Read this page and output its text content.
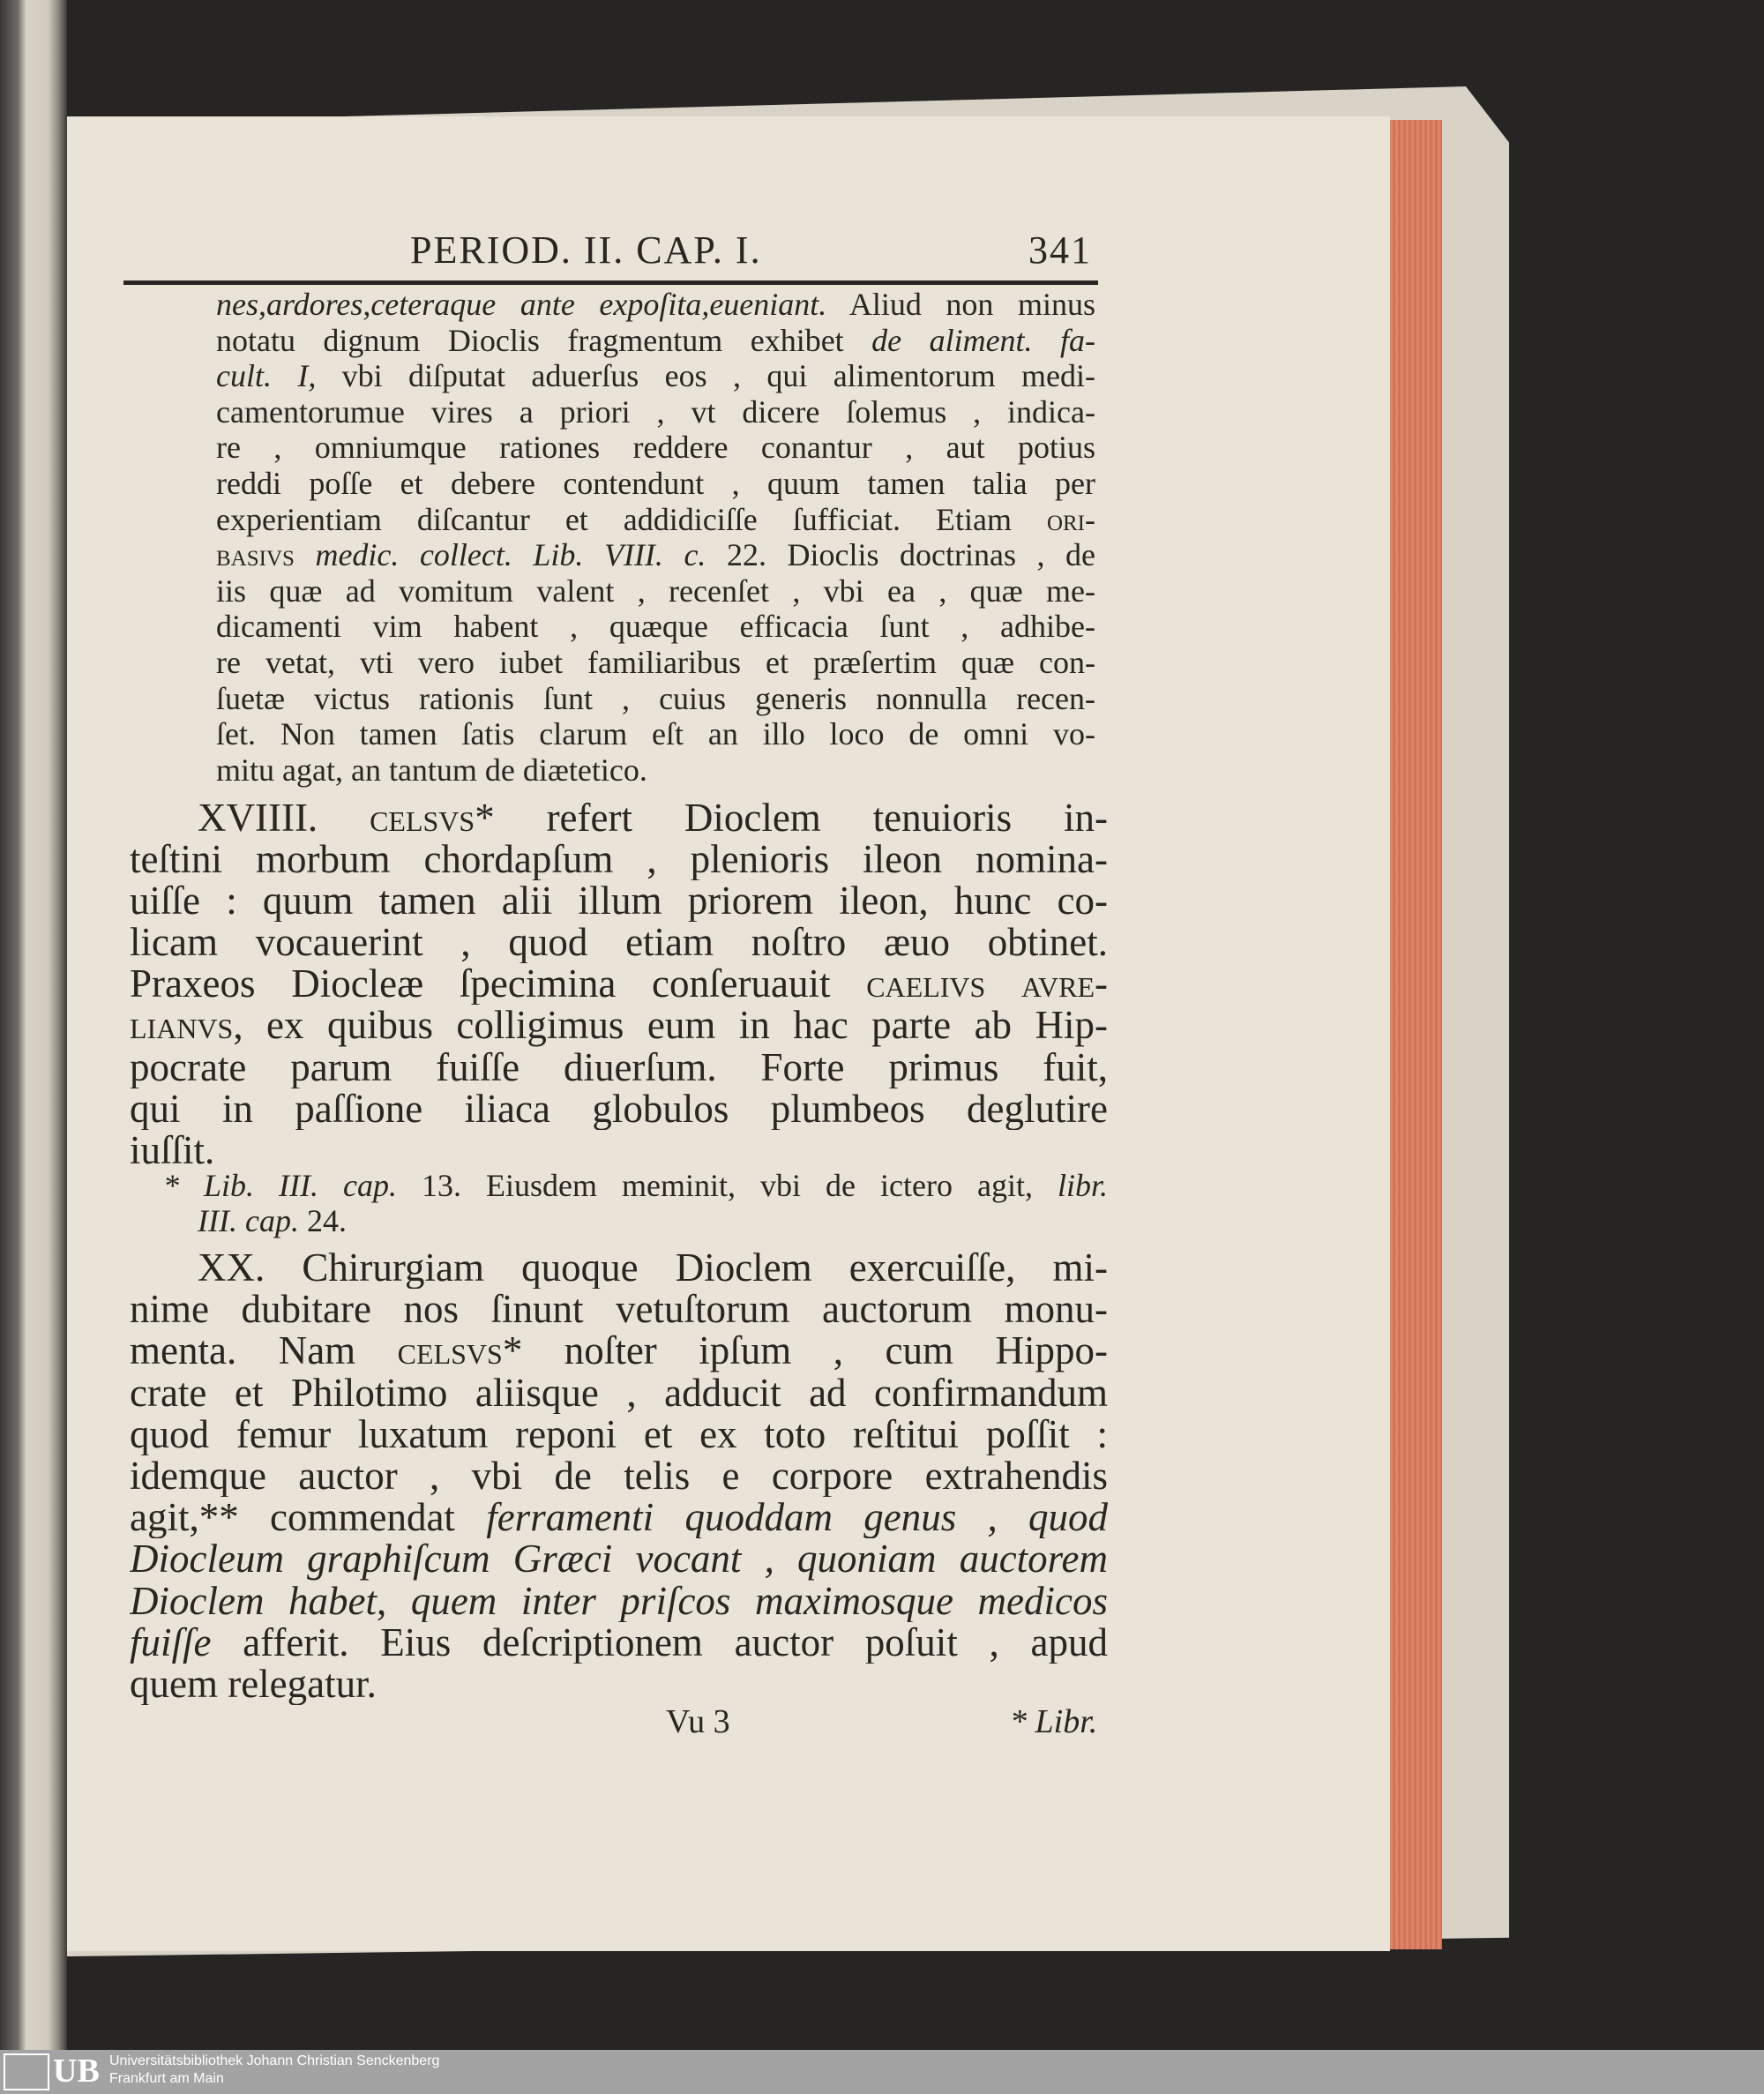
PERIOD. II. CAP. I.	341
nes,ardores,ceteraque ante expoſita,eueniant. Aliud non minus
notatu dignum Dioclis fragmentum exhibet de aliment. fa-
cult. I, vbi diſputat aduerſus eos , qui alimentorum medi-
camentorumue vires a priori , vt dicere ſolemus , indica-
re , omniumque rationes reddere conantur , aut potius
reddi poſſe et debere contendunt , quum tamen talia per
experientiam diſcantur et addidiciſſe ſufficiat. Etiam ori-
basivs medic. collect. Lib. VIII. c. 22. Dioclis doctrinas , de
iis quæ ad vomitum valent , recenſet , vbi ea , quæ me-
dicamenti vim habent , quæque efficacia ſunt , adhibe-
re vetat, vti vero iubet familiaribus et præſertim quæ con-
ſuetæ victus rationis ſunt , cuius generis nonnulla recen-
ſet. Non tamen ſatis clarum eſt an illo loco de omni vo-
mitu agat, an tantum de diætetico.
XVIIII. celsvs* refert Dioclem tenuioris in-
teſtini morbum chordapſum , plenioris ileon nomina-
uiſſe : quum tamen alii illum priorem ileon, hunc co-
licam vocauerint , quod etiam noſtro æuo obtinet.
Praxeos Diocleæ ſpecimina conſeruauit caelivs avre-
lianvs, ex quibus colligimus eum in hac parte ab Hip-
pocrate parum fuiſſe diuerſum. Forte primus fuit,
qui in paſſione iliaca globulos plumbeos deglutire
iuſſit.
* Lib. III. cap. 13. Eiusdem meminit, vbi de ictero agit, libr.
III. cap. 24.
XX. Chirurgiam quoque Dioclem exercuiſſe, mi-
nime dubitare nos ſinunt vetuſtorum auctorum monu-
menta. Nam celsvs* noſter ipſum , cum Hippo-
crate et Philotimo aliisque , adducit ad confirmandum
quod femur luxatum reponi et ex toto reſtitui poſſit :
idemque auctor , vbi de telis e corpore extrahendis
agit,** commendat ferramenti quoddam genus , quod
Diocleum graphiſcum Græci vocant , quoniam auctorem
Dioclem habet, quem inter priſcos maximosque medicos
fuiſſe afferit. Eius deſcriptionem auctor poſuit , apud
quem relegatur.
Vu 3	* Libr.
UB Universitätsbibliothek Johann Christian Senckenberg
Frankfurt am Main
